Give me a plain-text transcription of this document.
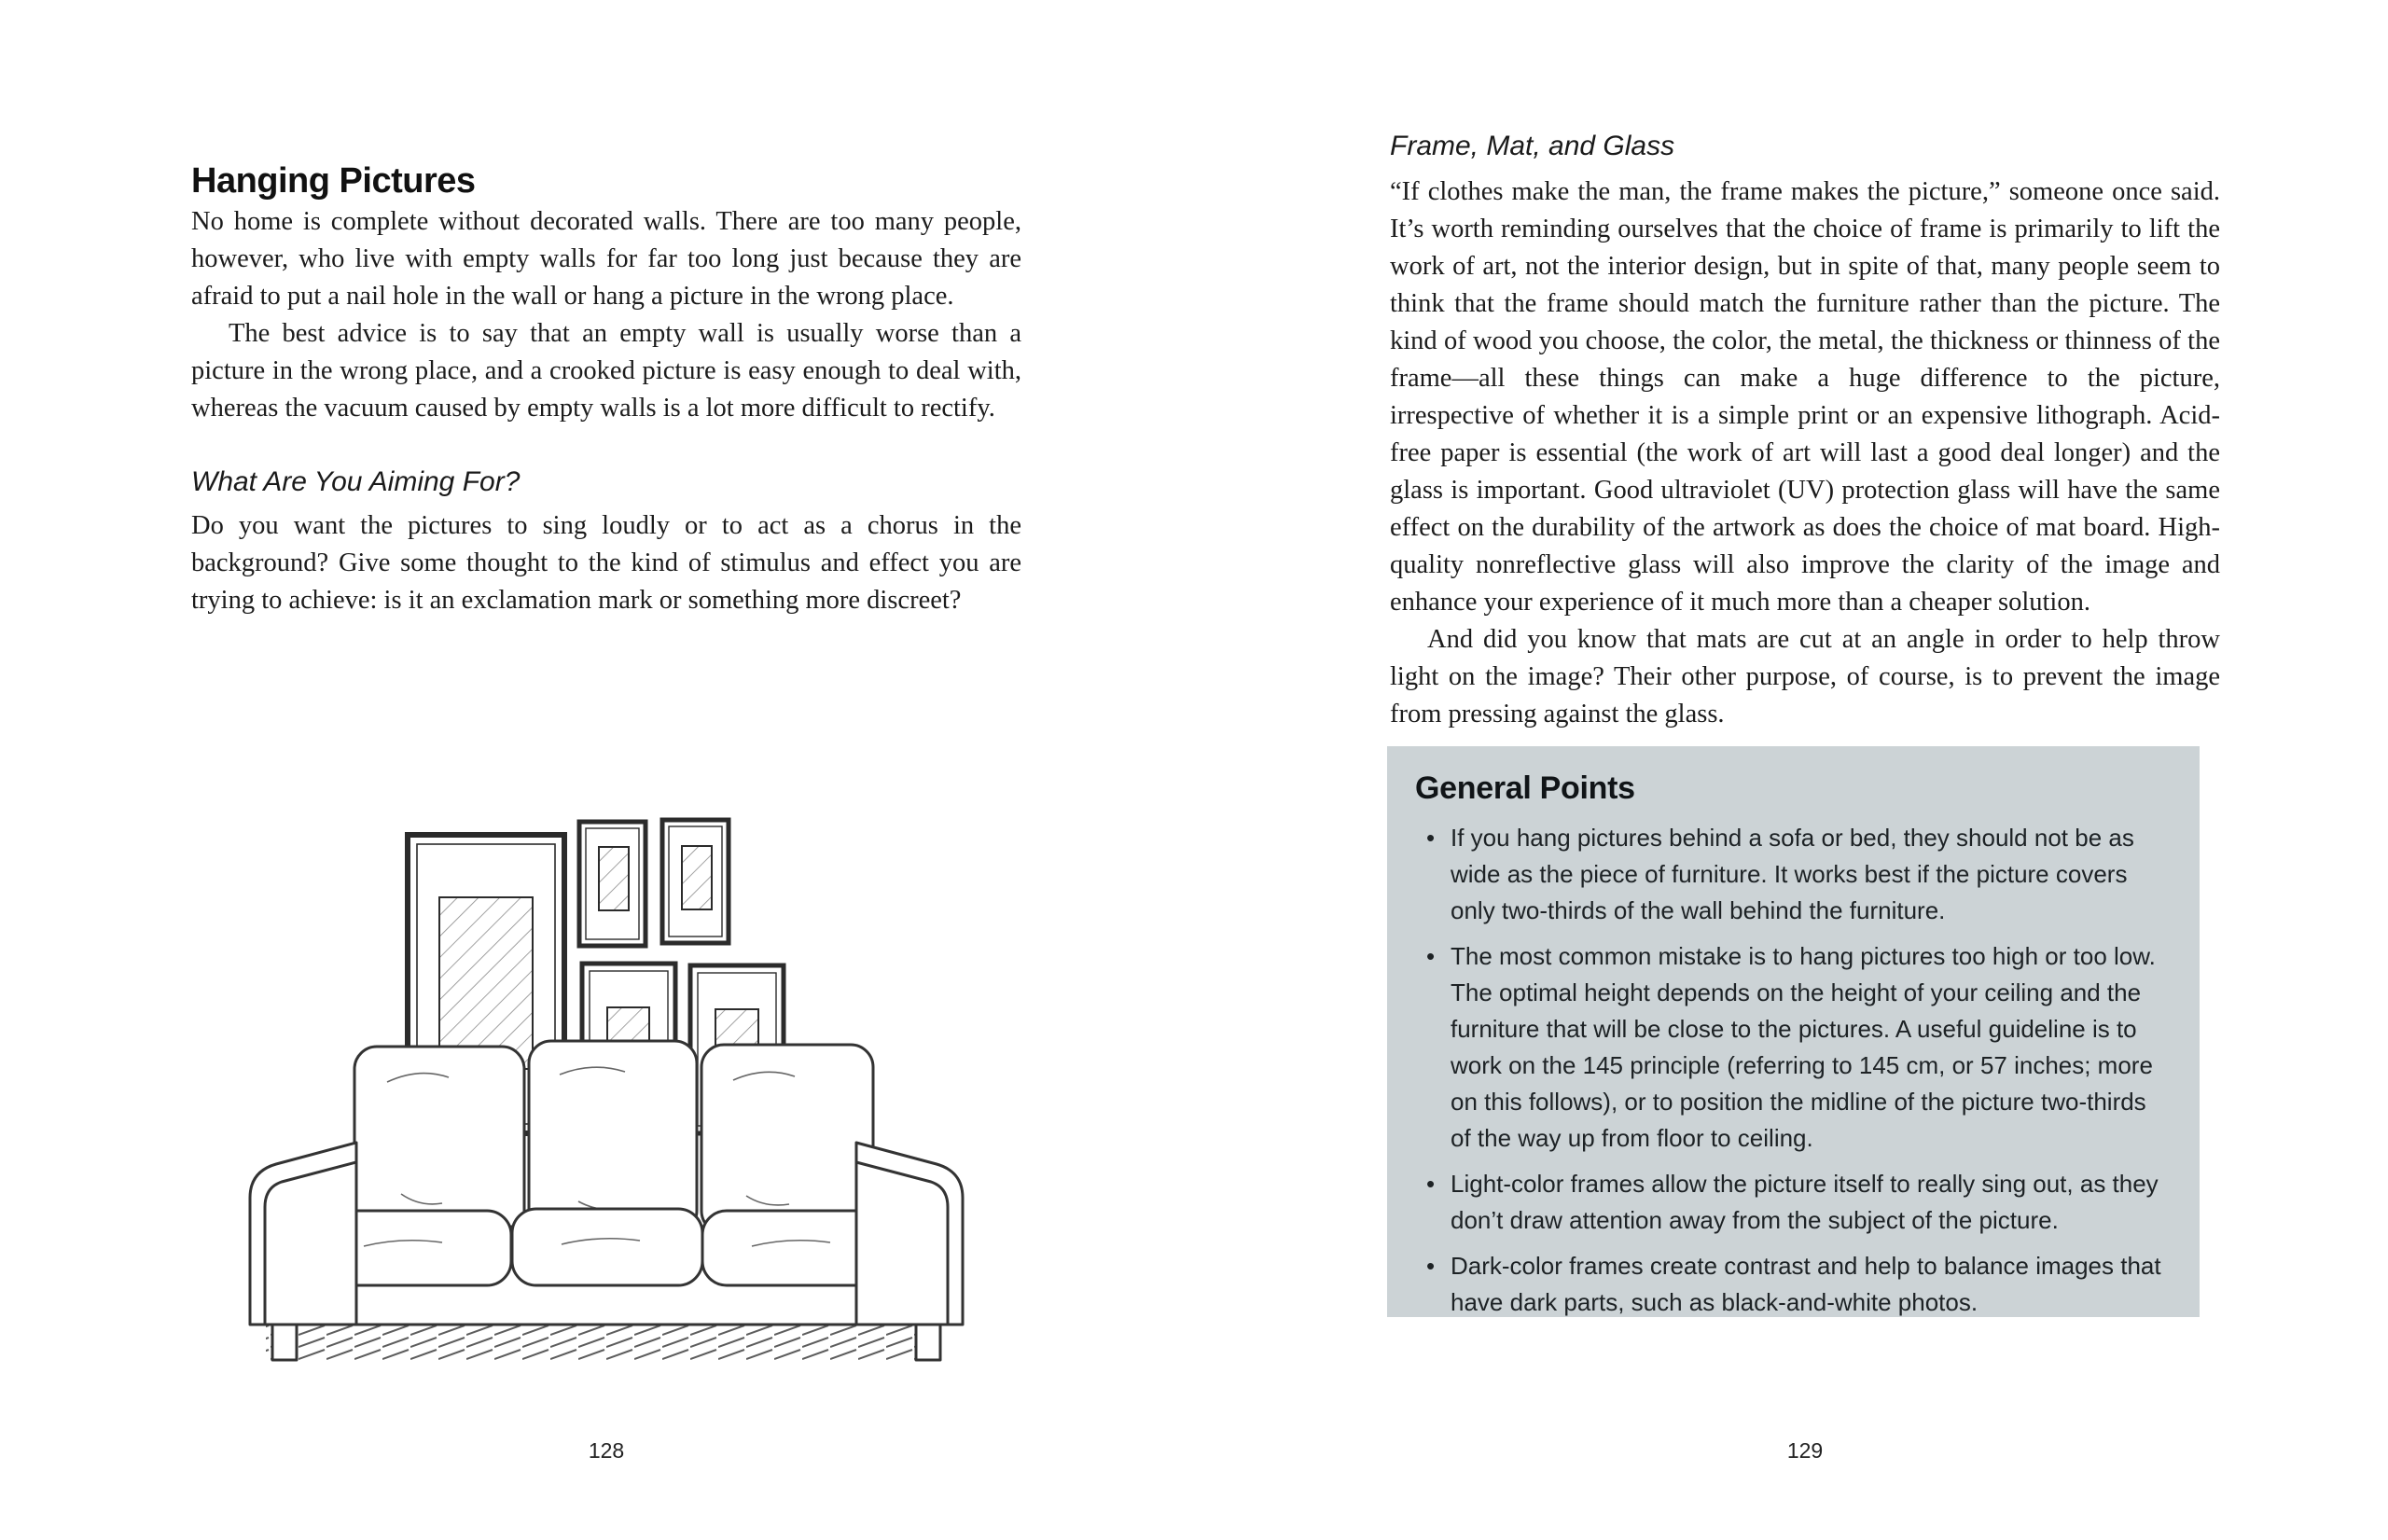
Hanging Pictures

No home is complete without decorated walls. There are too many people, however, who live with empty walls for far too long just because they are afraid to put a nail hole in the wall or hang a picture in the wrong place.

The best advice is to say that an empty wall is usually worse than a picture in the wrong place, and a crooked picture is easy enough to deal with, whereas the vacuum caused by empty walls is a lot more difficult to rectify.

What Are You Aiming For?

Do you want the pictures to sing loudly or to act as a chorus in the background? Give some thought to the kind of stimulus and effect you are trying to achieve: is it an exclamation mark or something more discreet?

128
Frame, Mat, and Glass

“If clothes make the man, the frame makes the picture,” someone once said. It’s worth reminding ourselves that the choice of frame is primarily to lift the work of art, not the interior design, but in spite of that, many people seem to think that the frame should match the furniture rather than the picture. The kind of wood you choose, the color, the metal, the thickness or thinness of the frame—all these things can make a huge difference to the picture, irrespective of whether it is a simple print or an expensive lithograph. Acid-free paper is essential (the work of art will last a good deal longer) and the glass is important. Good ultraviolet (UV) protection glass will have the same effect on the durability of the artwork as does the choice of mat board. High-quality nonreflective glass will also improve the clarity of the image and enhance your experience of it much more than a cheaper solution.

And did you know that mats are cut at an angle in order to help throw light on the image? Their other purpose, of course, is to prevent the image from pressing against the glass.

General Points
• If you hang pictures behind a sofa or bed, they should not be as wide as the piece of furniture. It works best if the picture covers only two-thirds of the wall behind the furniture.
• The most common mistake is to hang pictures too high or too low. The optimal height depends on the height of your ceiling and the furniture that will be close to the pictures. A useful guideline is to work on the 145 principle (referring to 145 cm, or 57 inches; more on this follows), or to position the midline of the picture two-thirds of the way up from floor to ceiling.
• Light-color frames allow the picture itself to really sing out, as they don’t draw attention away from the subject of the picture.
• Dark-color frames create contrast and help to balance images that have dark parts, such as black-and-white photos.
129
